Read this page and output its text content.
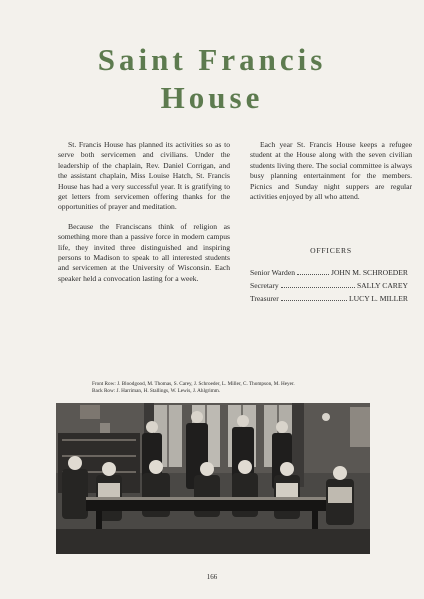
Saint Francis
House

St. Francis House has planned its activities so as to serve both servicemen and civilians. Under the leadership of the chaplain, Rev. Daniel Corrigan, and the assistant chaplain, Miss Louise Hatch, St. Francis House has had a very successful year. It is gratifying to get letters from servicemen offering thanks for the opportunities of prayer and meditation.

Because the Franciscans think of religion as something more than a passive force in modern campus life, they invited three distinguished and inspiring persons to Madison to speak to all interested students and servicemen at the University of Wisconsin. Each speaker held a convocation lasting for a week.

Each year St. Francis House keeps a refugee student at the House along with the seven civilian students living there. The social committee is always busy planning entertainment for the members. Picnics and Sunday night suppers are regular activities enjoyed by all who attend.

OFFICERS
Senior Warden	JOHN M. SCHROEDER
Secretary	SALLY CAREY
Treasurer	LUCY L. MILLER
Front Row: J. Bloodgood, M. Thomas, S. Carey, J. Schroeder, L. Miller, C. Thompson, M. Heyer.
Back Row: J. Harriman, H. Stallings, W. Lewis, J. Ahlgrimm.
166
